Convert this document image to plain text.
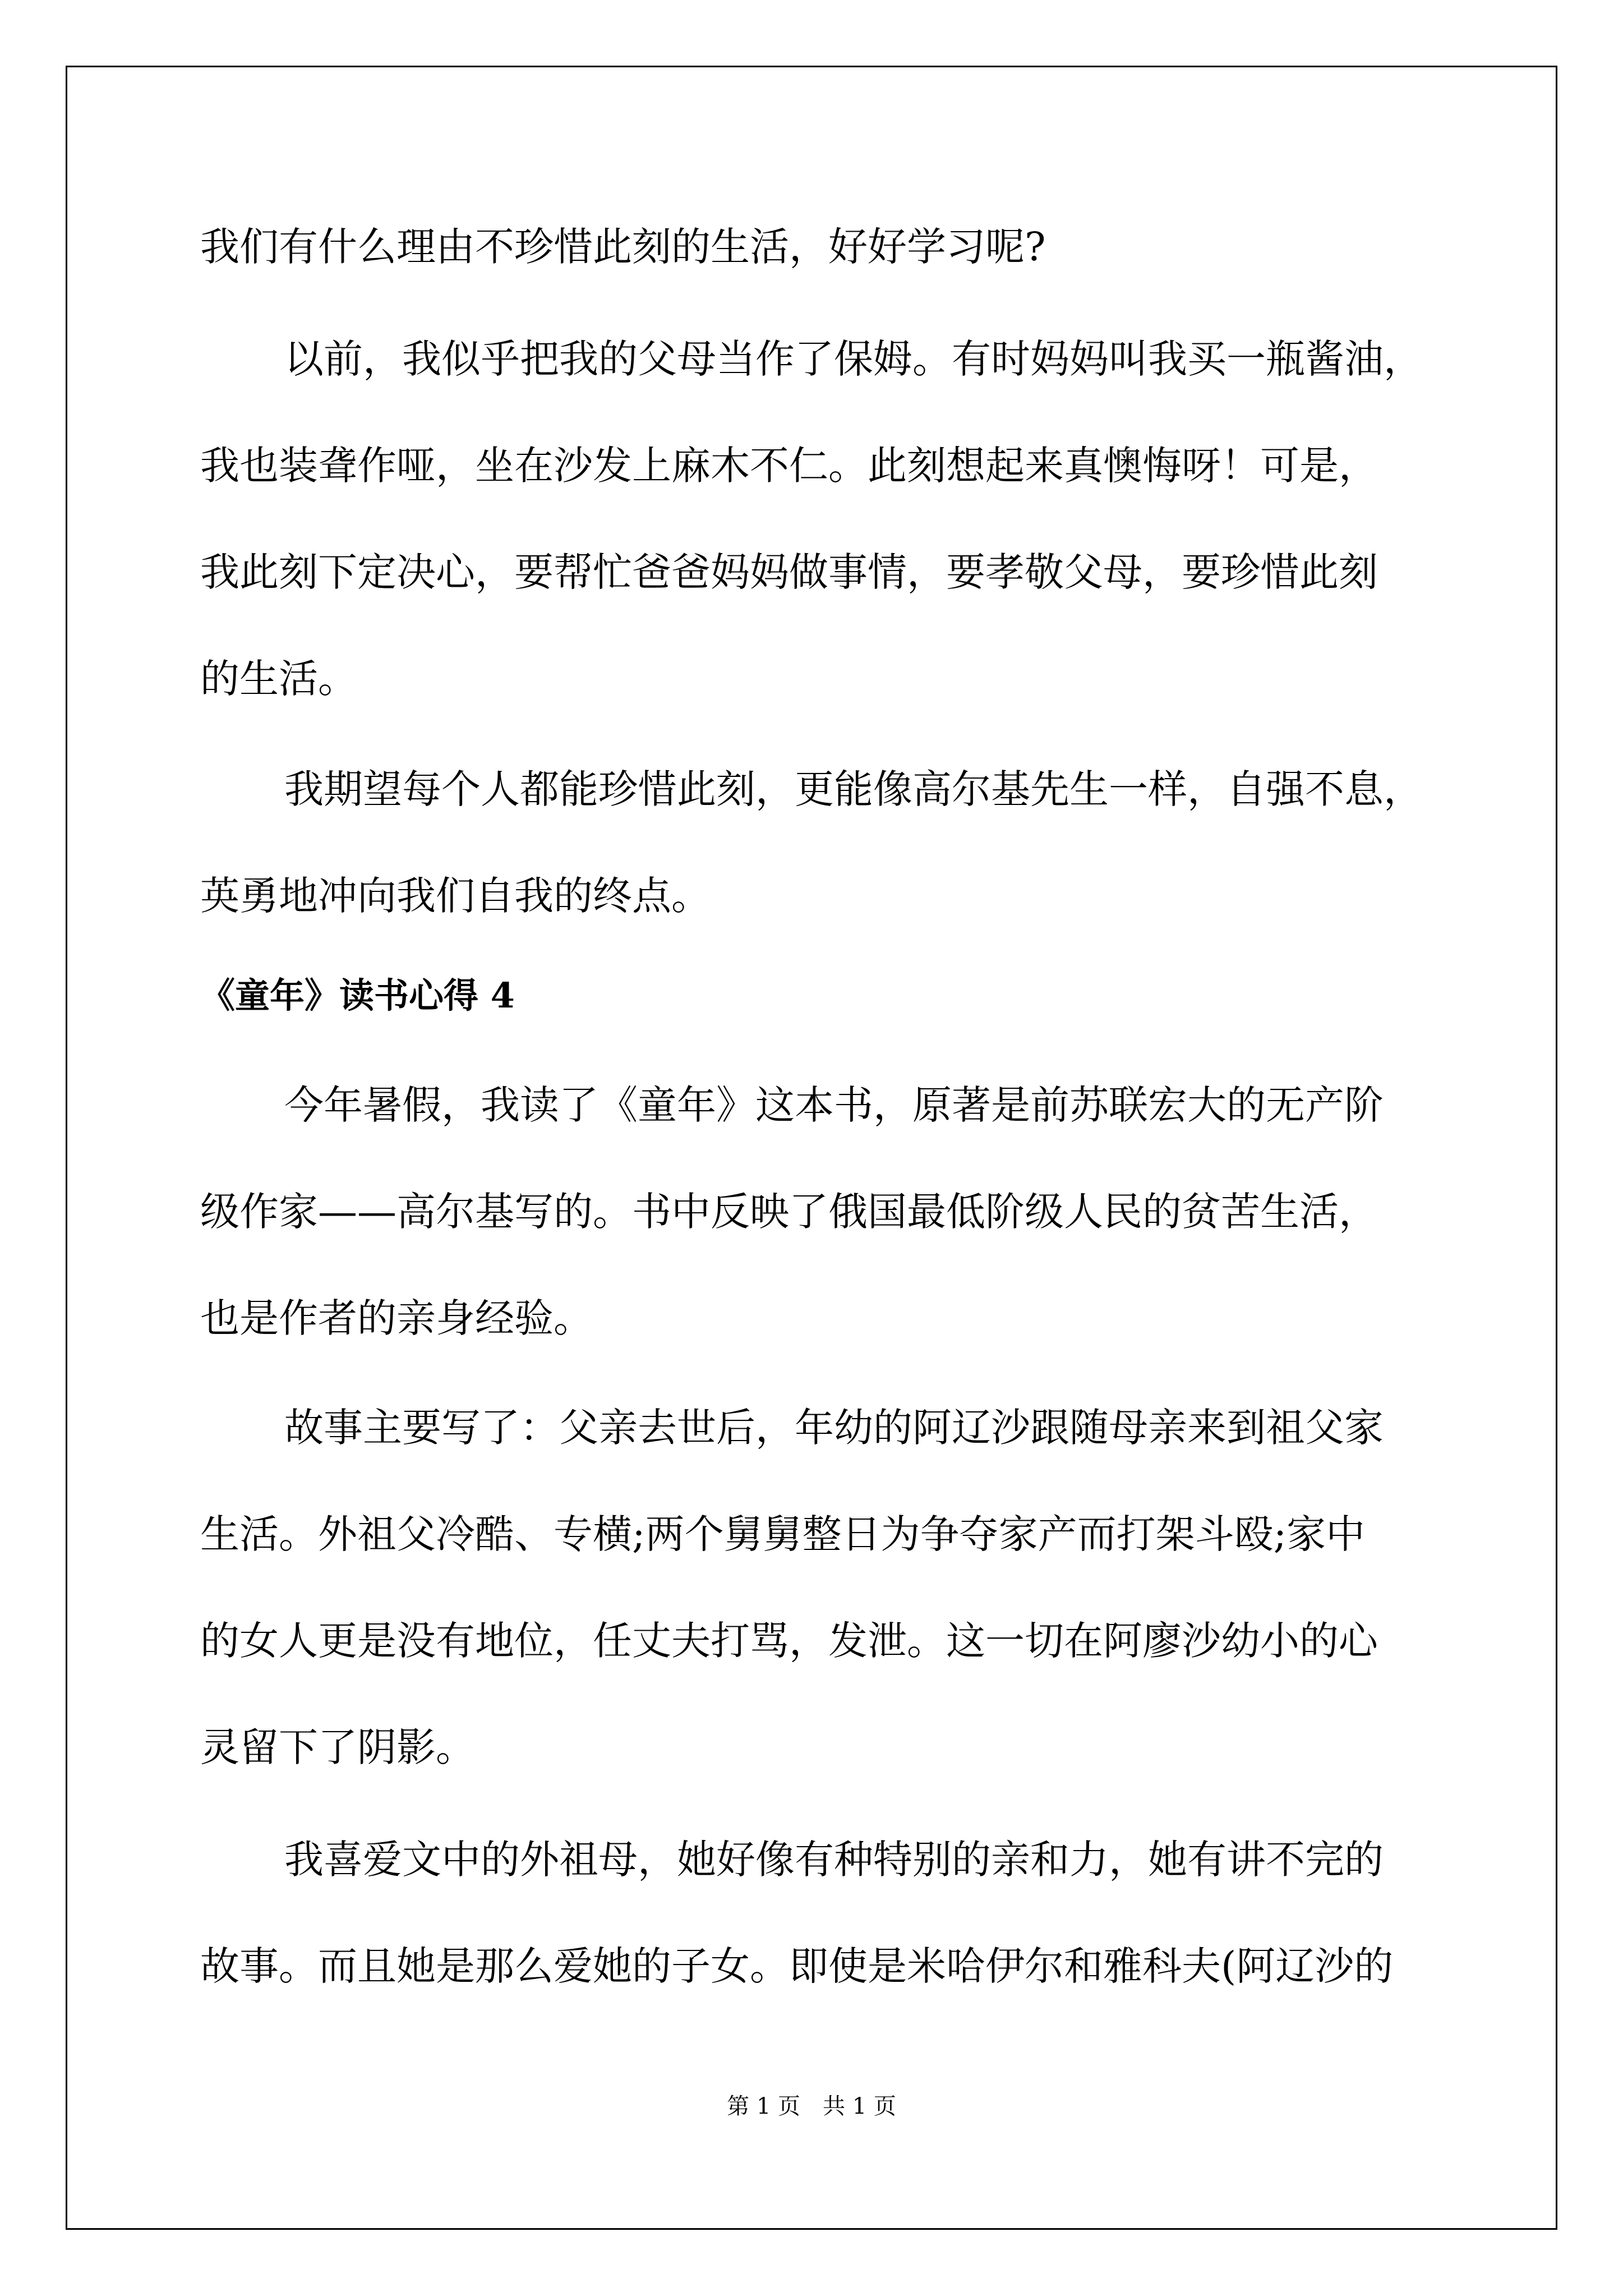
我们有什么理由不珍惜此刻的生活，好好学习呢?

以前，我似乎把我的父母当作了保姆。有时妈妈叫我买一瓶酱油，

我也装聋作哑，坐在沙发上麻木不仁。此刻想起来真懊悔呀！可是，

我此刻下定决心，要帮忙爸爸妈妈做事情，要孝敬父母，要珍惜此刻

的生活。

我期望每个人都能珍惜此刻，更能像高尔基先生一样，自强不息，

英勇地冲向我们自我的终点。

《童年》读书心得 4

今年暑假，我读了《童年》这本书，原著是前苏联宏大的无产阶

级作家——高尔基写的。书中反映了俄国最低阶级人民的贫苦生活，

也是作者的亲身经验。

故事主要写了：父亲去世后，年幼的阿辽沙跟随母亲来到祖父家

生活。外祖父冷酷、专横;两个舅舅整日为争夺家产而打架斗殴;家中

的女人更是没有地位，任丈夫打骂，发泄。这一切在阿廖沙幼小的心

灵留下了阴影。

我喜爱文中的外祖母，她好像有种特别的亲和力，她有讲不完的

故事。而且她是那么爱她的子女。即使是米哈伊尔和雅科夫(阿辽沙的

第 1 页　共 1 页
